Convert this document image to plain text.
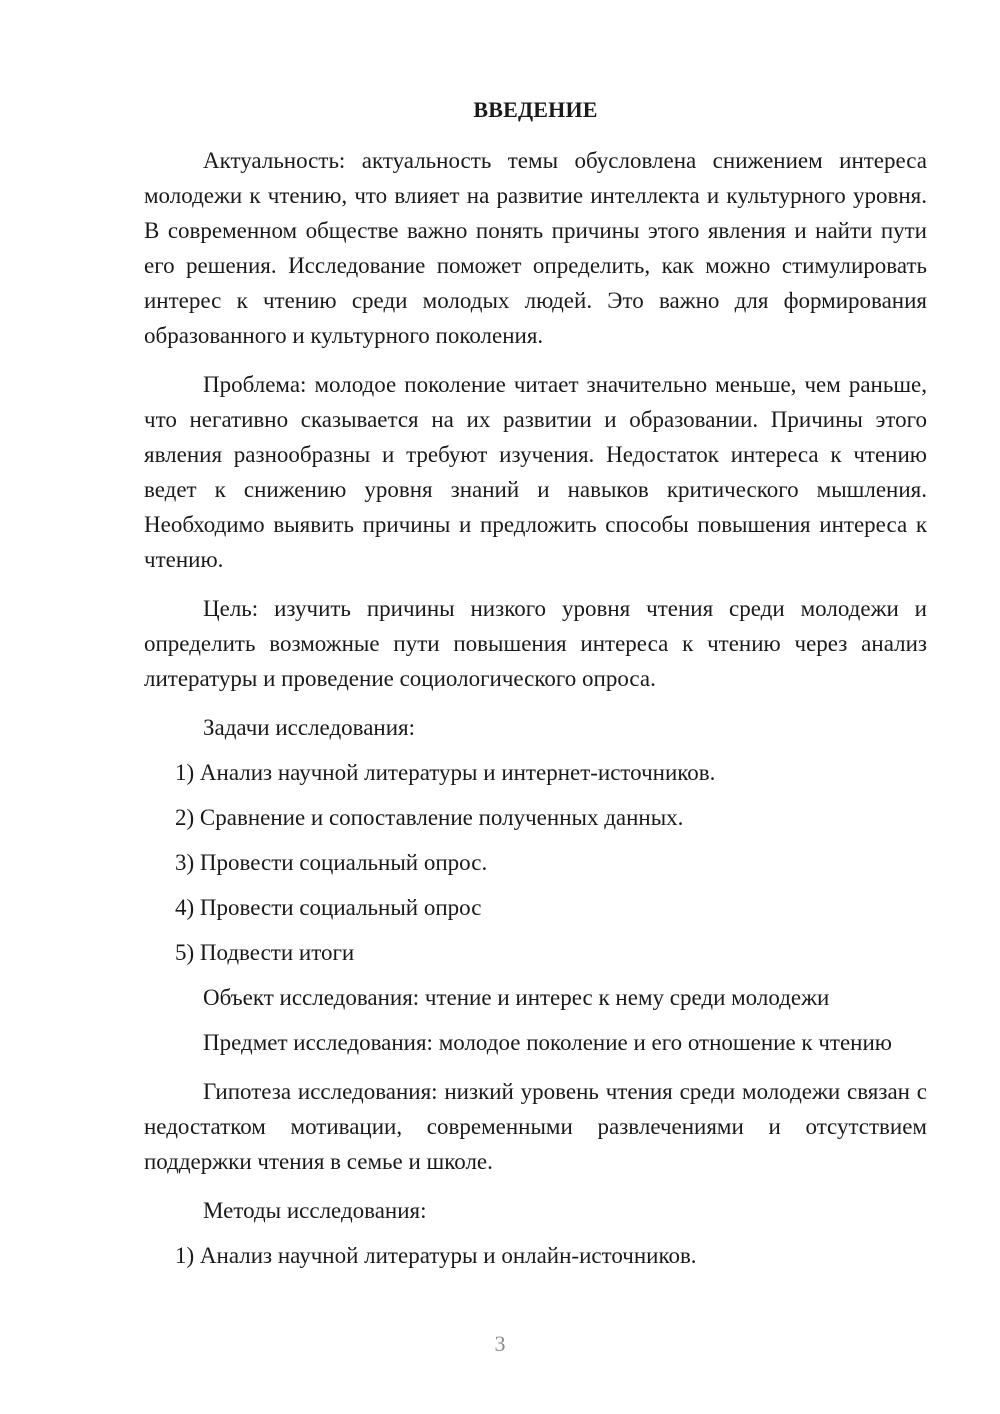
ВВЕДЕНИЕ

Актуальность: актуальность темы обусловлена снижением интереса молодежи к чтению, что влияет на развитие интеллекта и культурного уровня. В современном обществе важно понять причины этого явления и найти пути его решения. Исследование поможет определить, как можно стимулировать интерес к чтению среди молодых людей. Это важно для формирования образованного и культурного поколения.

Проблема: молодое поколение читает значительно меньше, чем раньше, что негативно сказывается на их развитии и образовании. Причины этого явления разнообразны и требуют изучения. Недостаток интереса к чтению ведет к снижению уровня знаний и навыков критического мышления. Необходимо выявить причины и предложить способы повышения интереса к чтению.

Цель: изучить причины низкого уровня чтения среди молодежи и определить возможные пути повышения интереса к чтению через анализ литературы и проведение социологического опроса.

Задачи исследования:

1) Анализ научной литературы и интернет-источников.
2) Сравнение и сопоставление полученных данных.
3) Провести социальный опрос.
4) Провести социальный опрос
5) Подвести итоги

Объект исследования: чтение и интерес к нему среди молодежи

Предмет исследования: молодое поколение и его отношение к чтению

Гипотеза исследования: низкий уровень чтения среди молодежи связан с недостатком мотивации, современными развлечениями и отсутствием поддержки чтения в семье и школе.

Методы исследования:

1) Анализ научной литературы и онлайн-источников.
3
